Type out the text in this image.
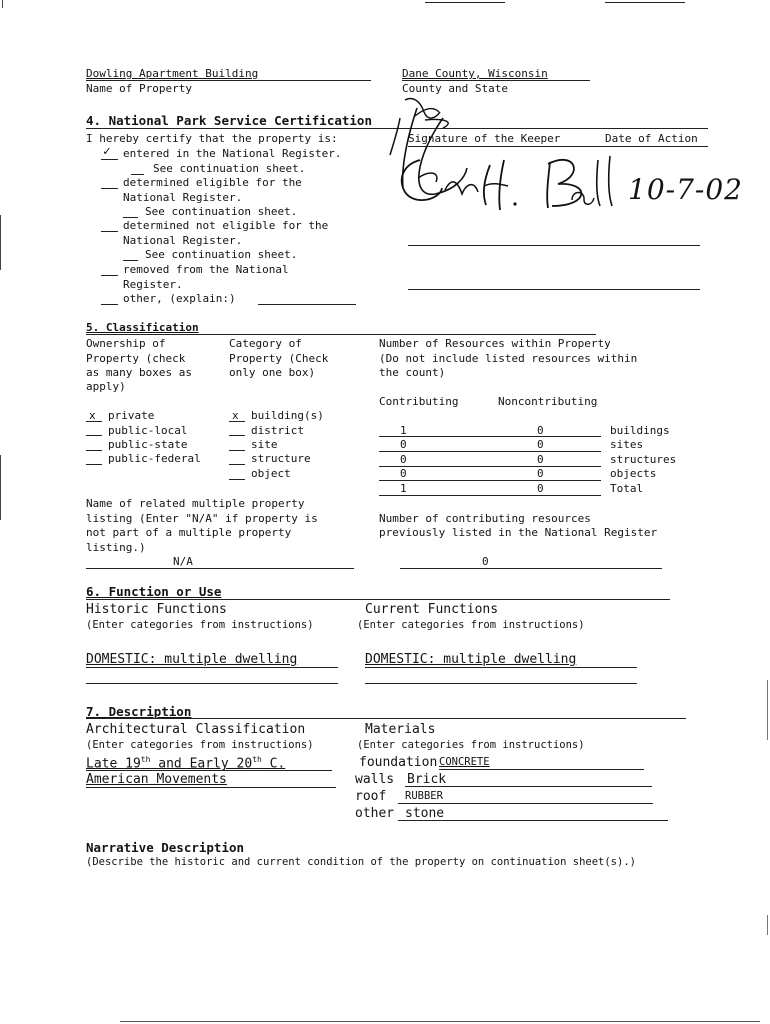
Dowling Apartment Building
Name of Property
Dane County, Wisconsin
County and State
4. National Park Service Certification
I hereby certify that the property is:
✓ entered in the National Register.
See continuation sheet.
determined eligible for the
National Register.
See continuation sheet.
determined not eligible for the
National Register.
See continuation sheet.
removed from the National
Register.
other, (explain:)
Signature of the Keeper	Date of Action
10-7-02
5. Classification
Ownership of
Property (check
as many boxes as
apply)
Category of
Property (Check
only one box)
Number of Resources within Property
(Do not include listed resources within
the count)
Contributing	Noncontributing
x private
public-local
public-state
public-federal
x building(s)
district
site
structure
object
1	0	buildings
0	0	sites
0	0	structures
0	0	objects
1	0	Total
Name of related multiple property
listing (Enter "N/A" if property is
not part of a multiple property
listing.)
N/A
Number of contributing resources
previously listed in the National Register
0
6. Function or Use
Historic Functions
(Enter categories from instructions)
Current Functions
(Enter categories from instructions)
DOMESTIC: multiple dwelling	DOMESTIC: multiple dwelling
7. Description
Architectural Classification
(Enter categories from instructions)
Late 19th and Early 20th C.
American Movements
Materials
(Enter categories from instructions)
foundation CONCRETE
walls Brick
roof RUBBER
other stone
Narrative Description
(Describe the historic and current condition of the property on continuation sheet(s).)
